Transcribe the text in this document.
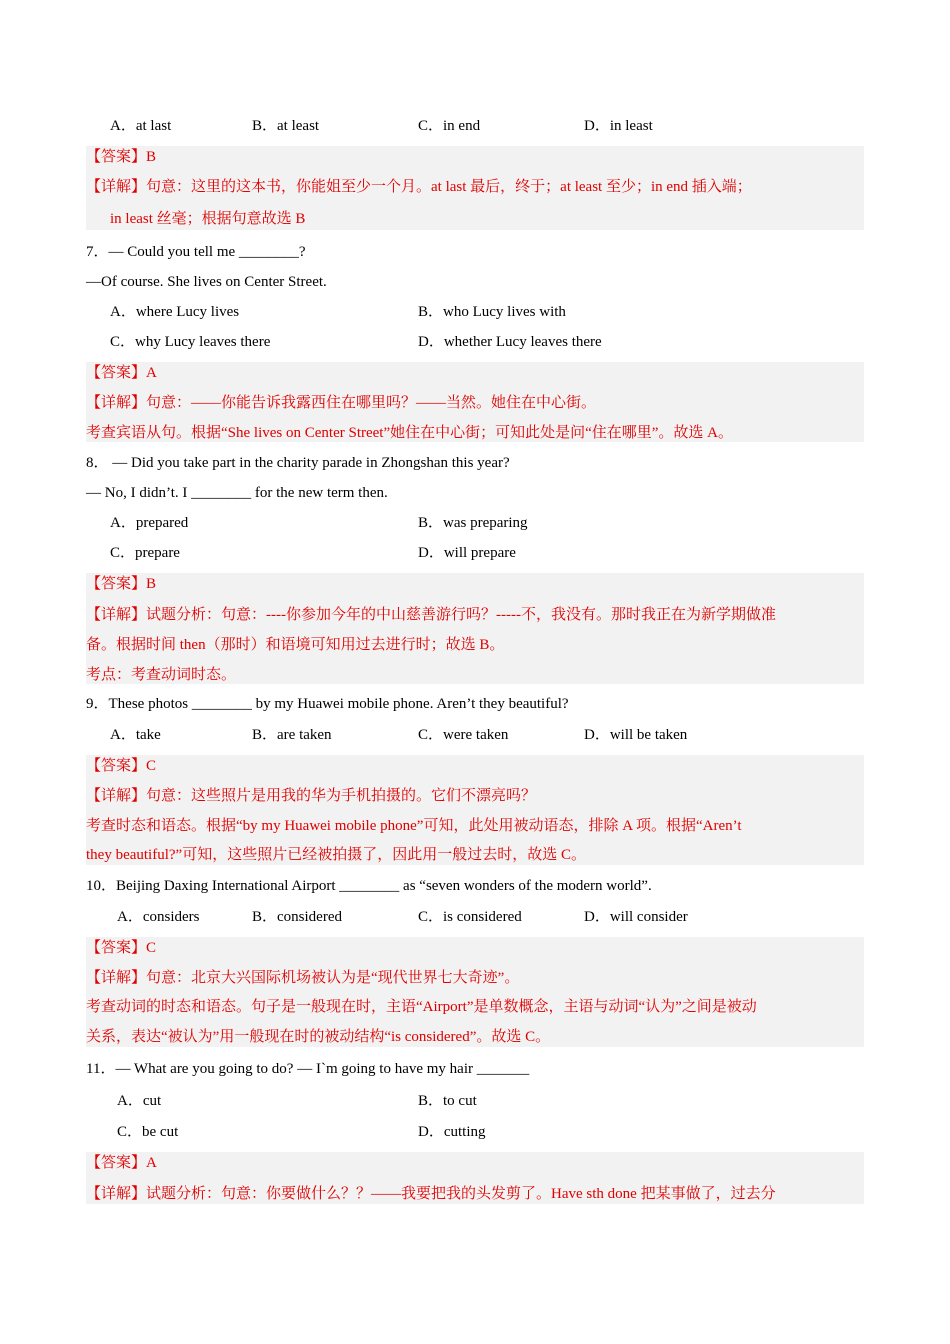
A．at last	B．at least	C．in end	D．in least
【答案】B
【详解】句意：这里的这本书，你能姐至少一个月。at last 最后，终于；at least 至少；in end 插入端；
in least 丝毫；根据句意故选 B
7．— Could you tell me ________?
—Of course. She lives on Center Street.
A．where Lucy lives	B．who Lucy lives with
C．why Lucy leaves there	D．whether Lucy leaves there
【答案】A
【详解】句意：——你能告诉我露西住在哪里吗？——当然。她住在中心街。
考查宾语从句。根据“She lives on Center Street”她住在中心街；可知此处是问“住在哪里”。故选 A。
8． — Did you take part in the charity parade in Zhongshan this year?
— No, I didn’t. I ________ for the new term then.
A．prepared	B．was preparing
C．prepare	D．will prepare
【答案】B
【详解】试题分析：句意：----你参加今年的中山慈善游行吗？-----不，我没有。那时我正在为新学期做准
备。根据时间 then（那时）和语境可知用过去进行时；故选 B。
考点：考查动词时态。
9．These photos ________ by my Huawei mobile phone. Aren’t they beautiful?
A．take	B．are taken	C．were taken	D．will be taken
【答案】C
【详解】句意：这些照片是用我的华为手机拍摄的。它们不漂亮吗？
考查时态和语态。根据“by my Huawei mobile phone”可知，此处用被动语态，排除 A 项。根据“Aren’t
they beautiful?”可知，这些照片已经被拍摄了，因此用一般过去时，故选 C。
10．Beijing Daxing International Airport ________ as “seven wonders of the modern world”.
A．considers	B．considered	C．is considered	D．will consider
【答案】C
【详解】句意：北京大兴国际机场被认为是“现代世界七大奇迹”。
考查动词的时态和语态。句子是一般现在时，主语“Airport”是单数概念，主语与动词“认为”之间是被动
关系，表达“被认为”用一般现在时的被动结构“is considered”。故选 C。
11．— What are you going to do? — I`m going to have my hair _______
A．cut	B．to cut
C．be cut	D．cutting
【答案】A
【详解】试题分析：句意：你要做什么？？——我要把我的头发剪了。Have sth done 把某事做了，过去分
